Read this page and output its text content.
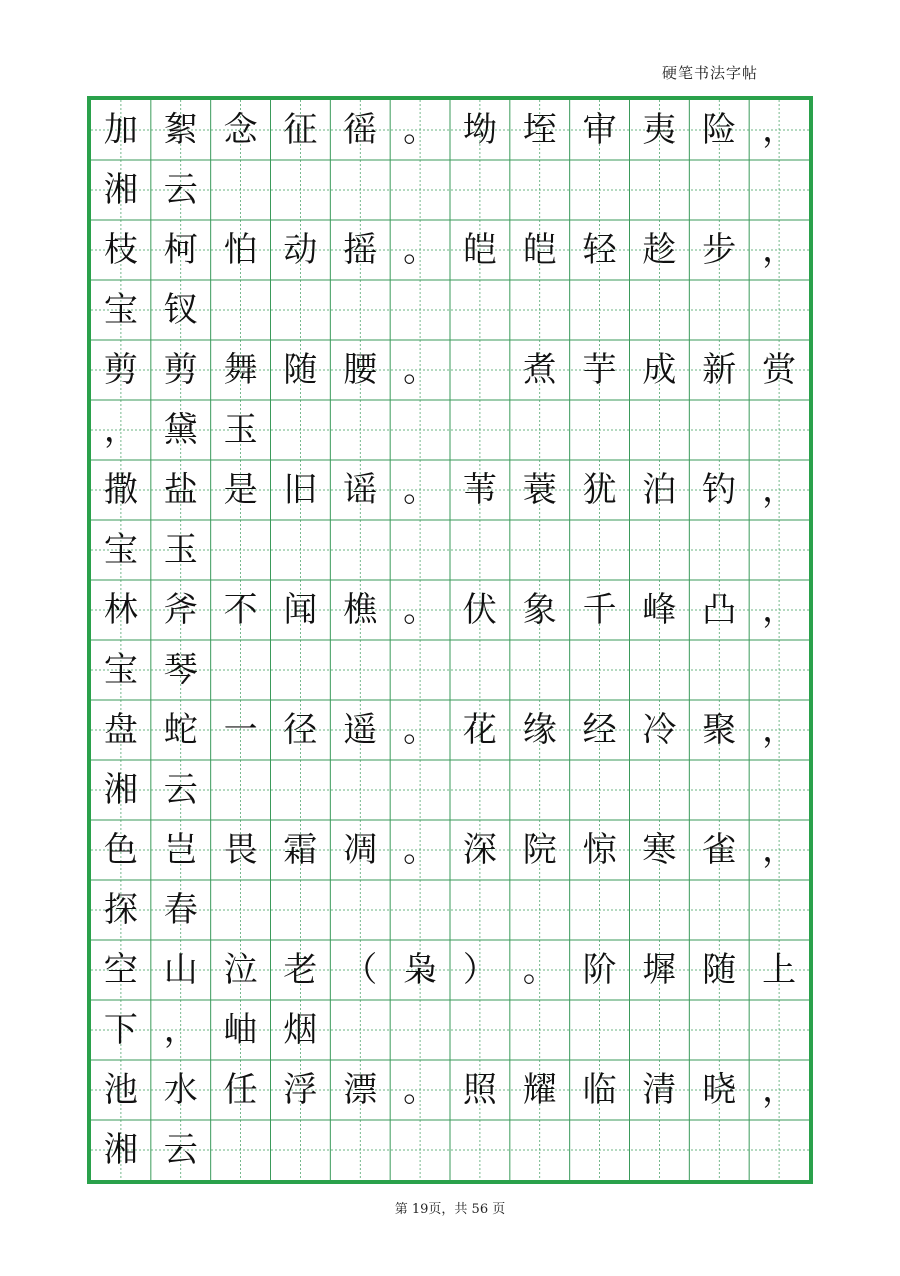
硬笔书法字帖
加 絮 念 征 徭 。 坳 垤 审 夷 险 ，
湘 云
枝 柯 怕 动 摇 。 皑 皑 轻 趁 步 ，
宝 钗
剪 剪 舞 随 腰 。	煮 芋 成 新 赏
， 黛 玉
撒 盐 是 旧 谣 。 苇 蓑 犹 泊 钓 ，
宝 玉
林 斧 不 闻 樵 。 伏 象 千 峰 凸 ，
宝 琴
盘 蛇 一 径 遥 。 花 缘 经 冷 聚 ，
湘 云
色 岂 畏 霜 凋 。 深 院 惊 寒 雀 ，
探 春
空 山 泣 老 （ 枭 ） 。 阶 墀 随 上
下 ， 岫 烟
池 水 任 浮 漂 。 照 耀 临 清 晓 ，
湘 云
第 19页，共 56 页
